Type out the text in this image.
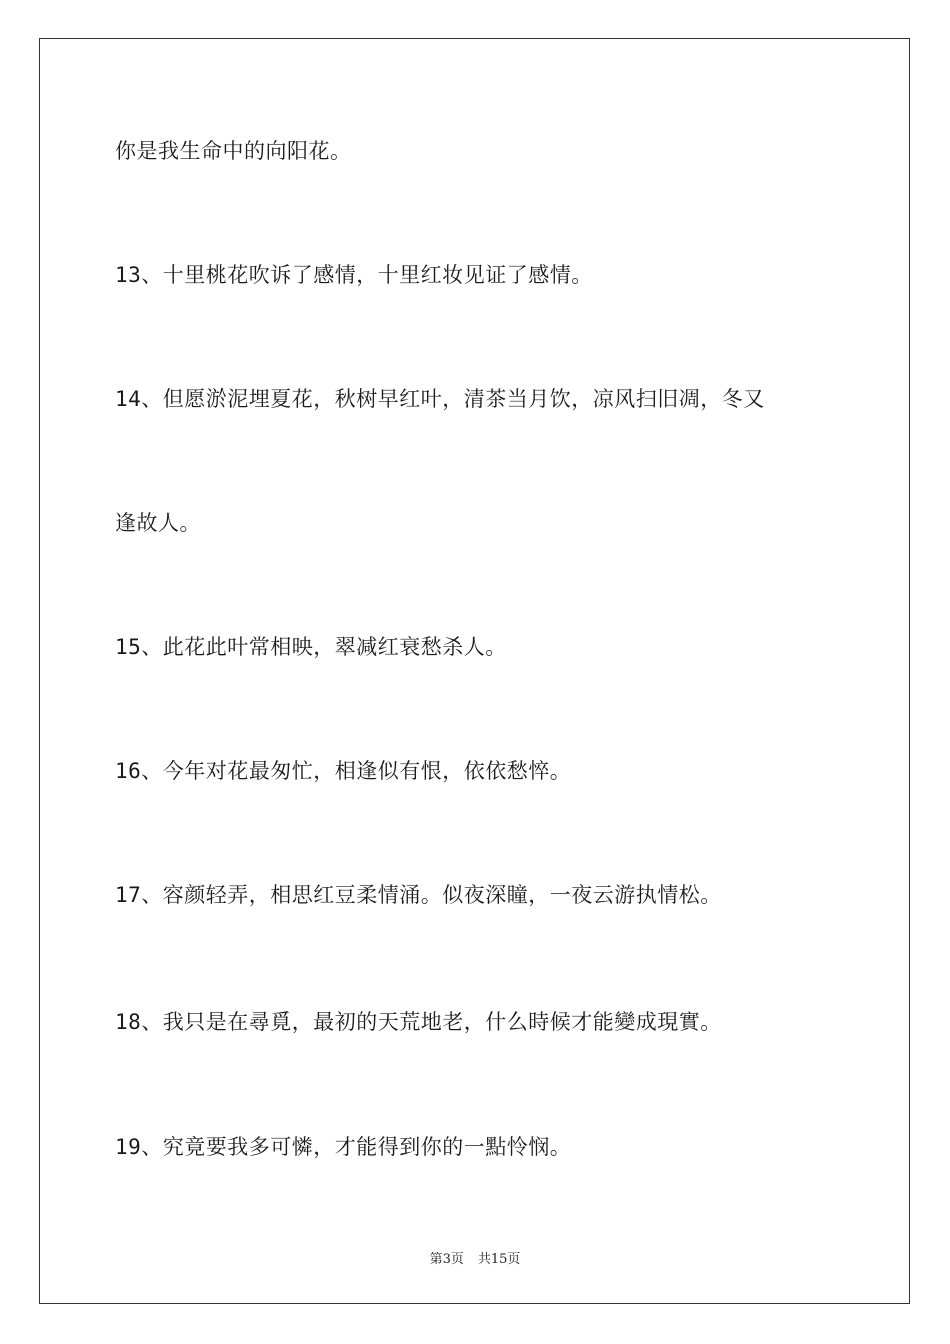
你是我生命中的向阳花。
13、十里桃花吹诉了感情，十里红妆见证了感情。
14、但愿淤泥埋夏花，秋树早红叶，清茶当月饮，凉风扫旧凋，冬又
逢故人。
15、此花此叶常相映，翠减红衰愁杀人。
16、今年对花最匆忙，相逢似有恨，依依愁悴。
17、容颜轻弄，相思红豆柔情涌。似夜深瞳，一夜云游执情松。
18、我只是在尋覓，最初的天荒地老，什么時候才能變成現實。
19、究竟要我多可憐，才能得到你的一點怜悯。
第3页 共15页
